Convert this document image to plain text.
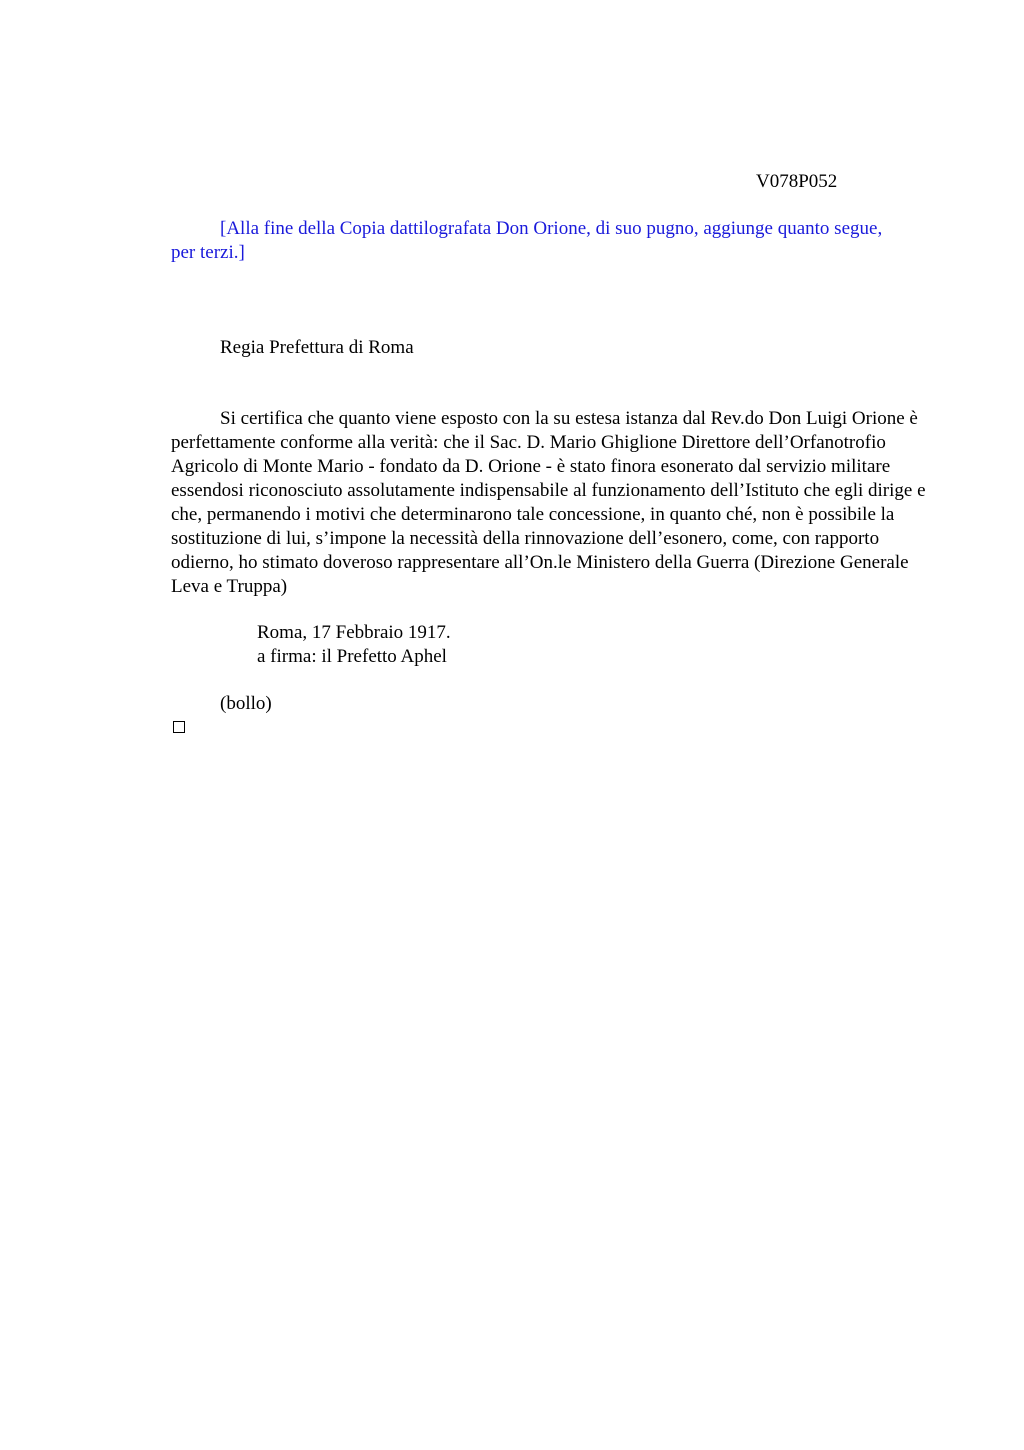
V078P052
[Alla fine della Copia dattilografata Don Orione, di suo pugno, aggiunge quanto segue, per terzi.]
Regia Prefettura di Roma
Si certifica che quanto viene esposto con la su estesa istanza dal Rev.do Don Luigi Orione è perfettamente conforme alla verità: che il Sac. D. Mario Ghiglione Direttore dell’Orfanotrofio Agricolo di Monte Mario - fondato da D. Orione - è stato finora esonerato dal servizio militare essendosi riconosciuto assolutamente indispensabile al funzionamento dell’Istituto che egli dirige e che, permanendo i motivi che determinarono tale concessione, in quanto ché, non è possibile la sostituzione di lui, s’impone la necessità della rinnovazione dell’esonero, come, con rapporto odierno, ho stimato doveroso rappresentare all’On.le Ministero della Guerra (Direzione Generale Leva e Truppa)
Roma, 17 Febbraio 1917.
a firma: il Prefetto Aphel
(bollo)
